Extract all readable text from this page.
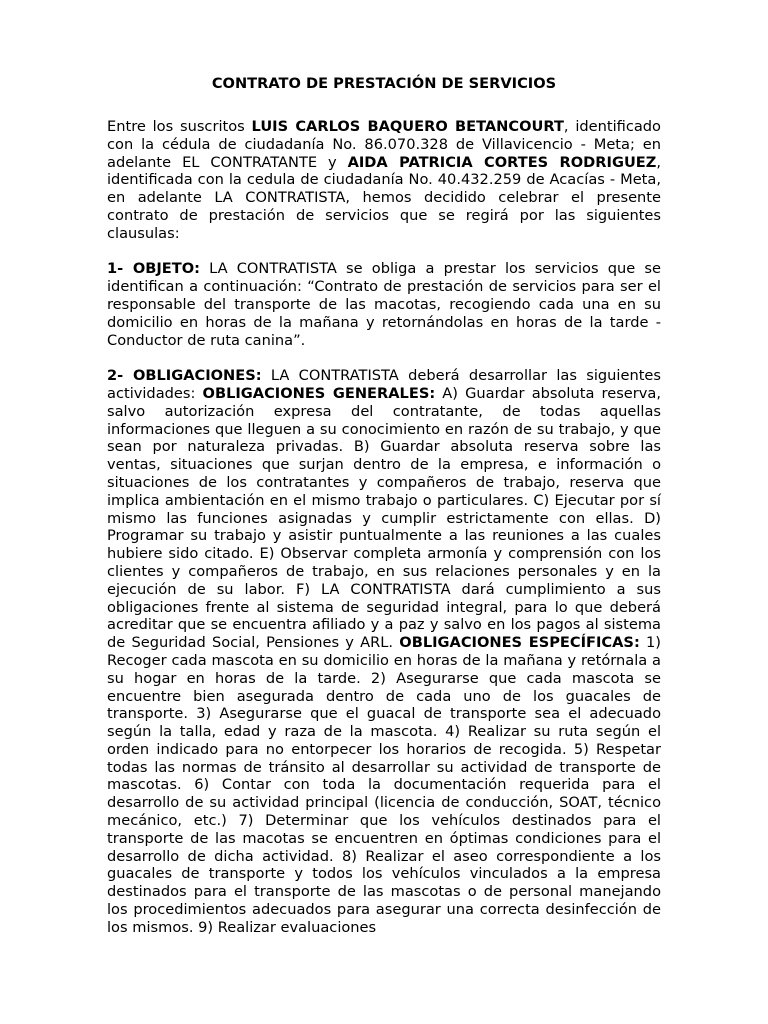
CONTRATO DE PRESTACIÓN DE SERVICIOS

Entre los suscritos LUIS CARLOS BAQUERO BETANCOURT, identificado con la cédula de ciudadanía No. 86.070.328 de Villavicencio - Meta; en adelante EL CONTRATANTE y AIDA PATRICIA CORTES RODRIGUEZ, identificada con la cedula de ciudadanía No. 40.432.259 de Acacías - Meta, en adelante LA CONTRATISTA, hemos decidido celebrar el presente contrato de prestación de servicios que se regirá por las siguientes clausulas:

1- OBJETO: LA CONTRATISTA se obliga a prestar los servicios que se identifican a continuación: “Contrato de prestación de servicios para ser el responsable del transporte de las macotas, recogiendo cada una en su domicilio en horas de la mañana y retornándolas en horas de la tarde - Conductor de ruta canina”.

2- OBLIGACIONES: LA CONTRATISTA deberá desarrollar las siguientes actividades: OBLIGACIONES GENERALES: A) Guardar absoluta reserva, salvo autorización expresa del contratante, de todas aquellas informaciones que lleguen a su conocimiento en razón de su trabajo, y que sean por naturaleza privadas. B) Guardar absoluta reserva sobre las ventas, situaciones que surjan dentro de la empresa, e información o situaciones de los contratantes y compañeros de trabajo, reserva que implica ambientación en el mismo trabajo o particulares. C) Ejecutar por sí mismo las funciones asignadas y cumplir estrictamente con ellas. D) Programar su trabajo y asistir puntualmente a las reuniones a las cuales hubiere sido citado. E) Observar completa armonía y comprensión con los clientes y compañeros de trabajo, en sus relaciones personales y en la ejecución de su labor. F) LA CONTRATISTA dará cumplimiento a sus obligaciones frente al sistema de seguridad integral, para lo que deberá acreditar que se encuentra afiliado y a paz y salvo en los pagos al sistema de Seguridad Social, Pensiones y ARL. OBLIGACIONES ESPECÍFICAS: 1) Recoger cada mascota en su domicilio en horas de la mañana y retórnala a su hogar en horas de la tarde. 2) Asegurarse que cada mascota se encuentre bien asegurada dentro de cada uno de los guacales de transporte. 3) Asegurarse que el guacal de transporte sea el adecuado según la talla, edad y raza de la mascota. 4) Realizar su ruta según el orden indicado para no entorpecer los horarios de recogida. 5) Respetar todas las normas de tránsito al desarrollar su actividad de transporte de mascotas. 6) Contar con toda la documentación requerida para el desarrollo de su actividad principal (licencia de conducción, SOAT, técnico mecánico, etc.) 7) Determinar que los vehículos destinados para el transporte de las macotas se encuentren en óptimas condiciones para el desarrollo de dicha actividad. 8) Realizar el aseo correspondiente a los guacales de transporte y todos los vehículos vinculados a la empresa destinados para el transporte de las mascotas o de personal manejando los procedimientos adecuados para asegurar una correcta desinfección de los mismos. 9) Realizar evaluaciones
